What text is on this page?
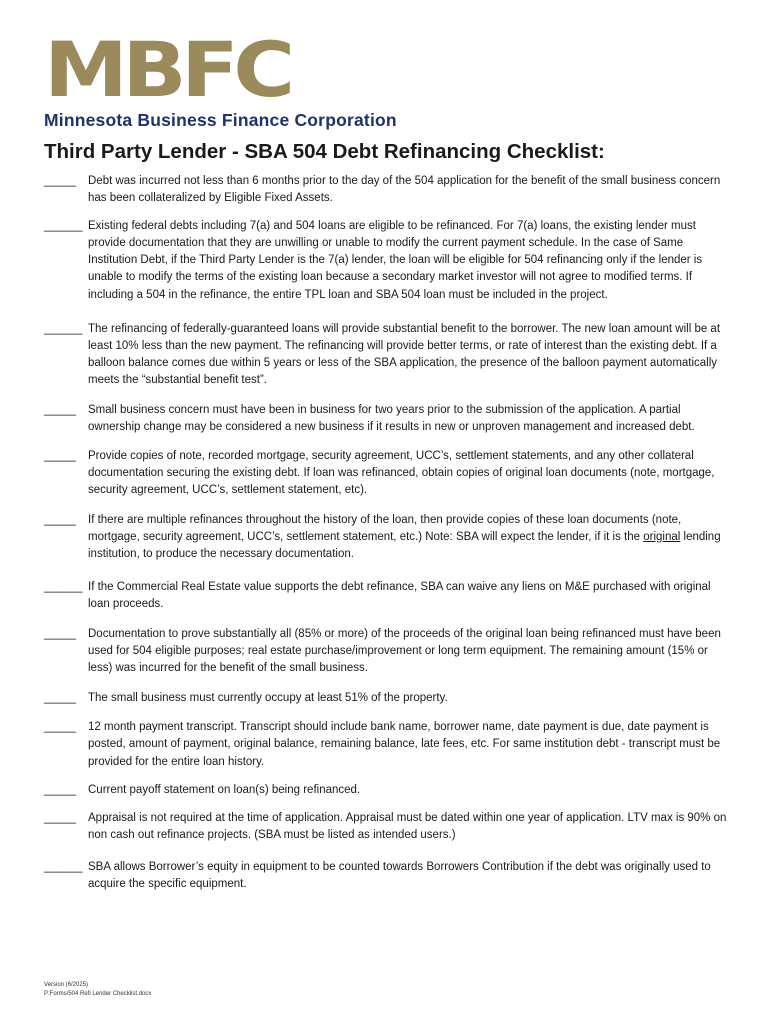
MBFC
Minnesota Business Finance Corporation
Third Party Lender - SBA 504 Debt Refinancing Checklist:
_____	Debt was incurred not less than 6 months prior to the day of the 504 application for the benefit of the small business concern has been collateralized by Eligible Fixed Assets.
______ Existing federal debts including 7(a) and 504 loans are eligible to be refinanced. For 7(a) loans, the existing lender must provide documentation that they are unwilling or unable to modify the current payment schedule. In the case of Same Institution Debt, if the Third Party Lender is the 7(a) lender, the loan will be eligible for 504 refinancing only if the lender is unable to modify the terms of the existing loan because a secondary market investor will not agree to modified terms. If including a 504 in the refinance, the entire TPL loan and SBA 504 loan must be included in the project.
______ The refinancing of federally-guaranteed loans will provide substantial benefit to the borrower. The new loan amount will be at least 10% less than the new payment. The refinancing will provide better terms, or rate of interest than the existing debt. If a balloon balance comes due within 5 years or less of the SBA application, the presence of the balloon payment automatically meets the “substantial benefit test”.
_____	Small business concern must have been in business for two years prior to the submission of the application. A partial ownership change may be considered a new business if it results in new or unproven management and increased debt.
_____	Provide copies of note, recorded mortgage, security agreement, UCC’s, settlement statements, and any other collateral documentation securing the existing debt. If loan was refinanced, obtain copies of original loan documents (note, mortgage, security agreement, UCC’s, settlement statement, etc).
_____	If there are multiple refinances throughout the history of the loan, then provide copies of these loan documents (note, mortgage, security agreement, UCC’s, settlement statement, etc.) Note: SBA will expect the lender, if it is the original lending institution, to produce the necessary documentation.
______ If the Commercial Real Estate value supports the debt refinance, SBA can waive any liens on M&E purchased with original loan proceeds.
_____	Documentation to prove substantially all (85% or more) of the proceeds of the original loan being refinanced must have been used for 504 eligible purposes; real estate purchase/improvement or long term equipment. The remaining amount (15% or less) was incurred for the benefit of the small business.
_____	The small business must currently occupy at least 51% of the property.
_____	12 month payment transcript. Transcript should include bank name, borrower name, date payment is due, date payment is posted, amount of payment, original balance, remaining balance, late fees, etc. For same institution debt - transcript must be provided for the entire loan history.
_____	Current payoff statement on loan(s) being refinanced.
_____	Appraisal is not required at the time of application. Appraisal must be dated within one year of application. LTV max is 90% on non cash out refinance projects. (SBA must be listed as intended users.)
______ SBA allows Borrower’s equity in equipment to be counted towards Borrowers Contribution if the debt was originally used to acquire the specific equipment.
Version (6/2025)
P:Forms/504 Refi Lender Checklist.docx
